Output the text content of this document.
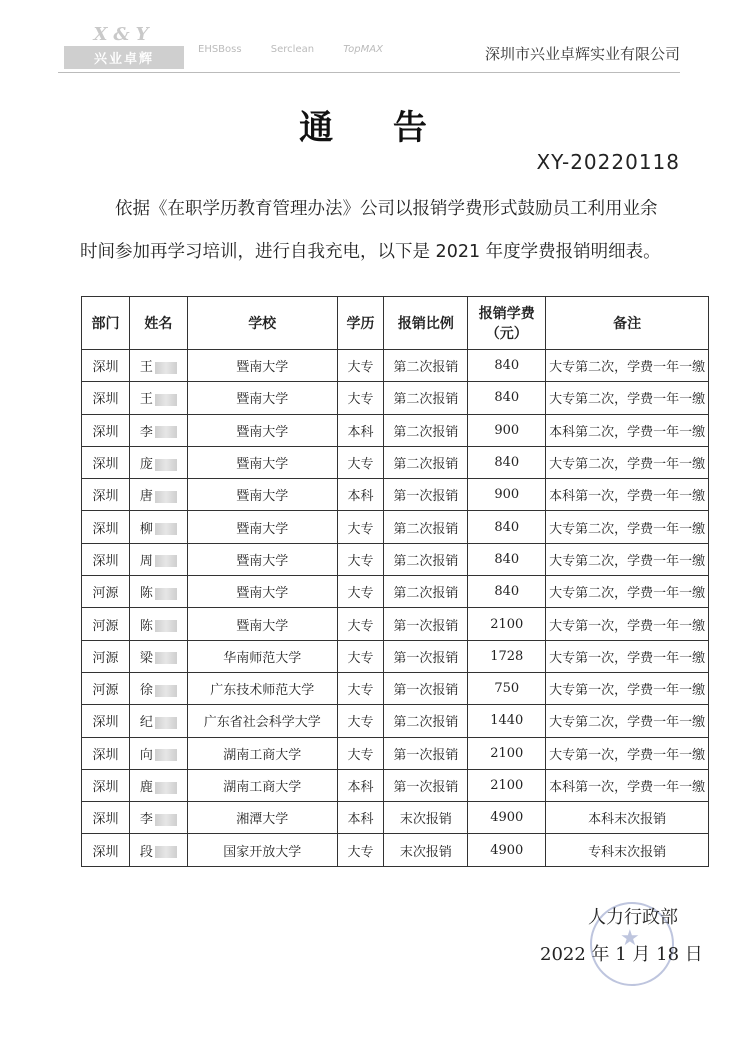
X&Y
兴业卓辉
EHSBoss	Serclean	TopMAX	深圳市兴业卓辉实业有限公司
通 告
XY-20220118
依据《在职学历教育管理办法》公司以报销学费形式鼓励员工利用业余
时间参加再学习培训，进行自我充电，以下是 2021 年度学费报销明细表。
部门	姓名	学校	学历	报销比例	报销学费（元）	备注
深圳	王	暨南大学	大专	第二次报销	840	大专第二次，学费一年一缴
深圳	王	暨南大学	大专	第二次报销	840	大专第二次，学费一年一缴
深圳	李	暨南大学	本科	第二次报销	900	本科第二次，学费一年一缴
深圳	庞	暨南大学	大专	第二次报销	840	大专第二次，学费一年一缴
深圳	唐	暨南大学	本科	第一次报销	900	本科第一次，学费一年一缴
深圳	柳	暨南大学	大专	第二次报销	840	大专第二次，学费一年一缴
深圳	周	暨南大学	大专	第二次报销	840	大专第二次，学费一年一缴
河源	陈	暨南大学	大专	第二次报销	840	大专第二次，学费一年一缴
河源	陈	暨南大学	大专	第一次报销	2100	大专第一次，学费一年一缴
河源	梁	华南师范大学	大专	第一次报销	1728	大专第一次，学费一年一缴
河源	徐	广东技术师范大学	大专	第一次报销	750	大专第一次，学费一年一缴
深圳	纪	广东省社会科学大学	大专	第二次报销	1440	大专第二次，学费一年一缴
深圳	向	湖南工商大学	大专	第一次报销	2100	大专第一次，学费一年一缴
深圳	鹿	湖南工商大学	本科	第一次报销	2100	本科第一次，学费一年一缴
深圳	李	湘潭大学	本科	末次报销	4900	本科末次报销
深圳	段	国家开放大学	大专	末次报销	4900	专科末次报销
★
人力行政部
2022 年 1 月 18 日
